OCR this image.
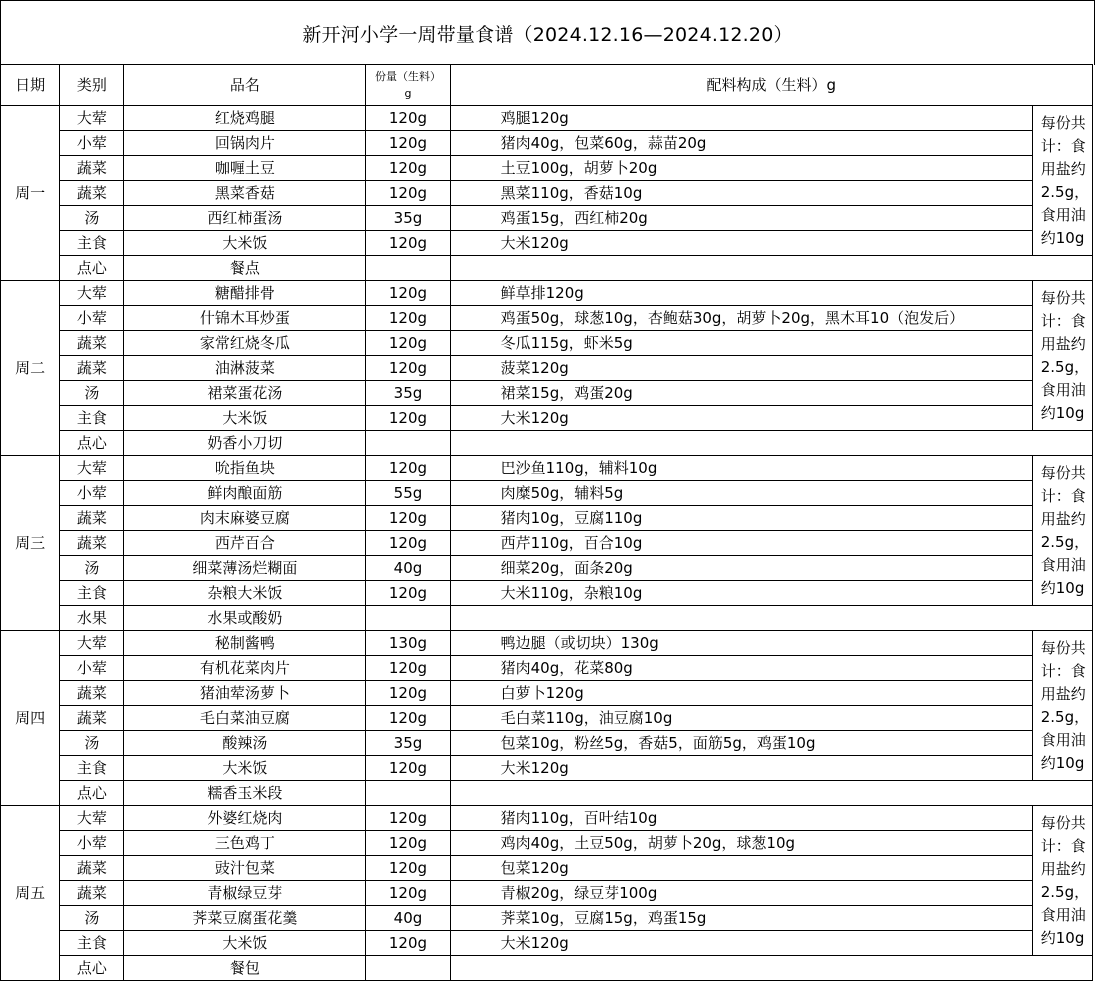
新开河小学一周带量食谱（2024.12.16—2024.12.20）
日期	类别	品名	份量（生料）g	配料构成（生料）g	
周一	大荤	红烧鸡腿	120g	鸡腿120g	每份共计：食用盐约2.5g，食用油约10g
	小荤	回锅肉片	120g	猪肉40g，包菜60g，蒜苗20g	
	蔬菜	咖喱土豆	120g	土豆100g，胡萝卜20g	
	蔬菜	黑菜香菇	120g	黑菜110g，香菇10g	
	汤	西红柿蛋汤	35g	鸡蛋15g，西红柿20g	
	主食	大米饭	120g	大米120g	
	点心	餐点			
周二	大荤	糖醋排骨	120g	鲜草排120g	每份共计：食用盐约2.5g，食用油约10g
	小荤	什锦木耳炒蛋	120g	鸡蛋50g，球葱10g，杏鲍菇30g，胡萝卜20g，黑木耳10（泡发后）	
	蔬菜	家常红烧冬瓜	120g	冬瓜115g，虾米5g	
	蔬菜	油淋菠菜	120g	菠菜120g	
	汤	裙菜蛋花汤	35g	裙菜15g，鸡蛋20g	
	主食	大米饭	120g	大米120g	
	点心	奶香小刀切			
周三	大荤	吮指鱼块	120g	巴沙鱼110g，辅料10g	每份共计：食用盐约2.5g，食用油约10g
	小荤	鲜肉酿面筋	55g	肉糜50g，辅料5g	
	蔬菜	肉末麻婆豆腐	120g	猪肉10g，豆腐110g	
	蔬菜	西芹百合	120g	西芹110g，百合10g	
	汤	细菜薄汤烂糊面	40g	细菜20g，面条20g	
	主食	杂粮大米饭	120g	大米110g，杂粮10g	
	水果	水果或酸奶			
周四	大荤	秘制酱鸭	130g	鸭边腿（或切块）130g	每份共计：食用盐约2.5g，食用油约10g
	小荤	有机花菜肉片	120g	猪肉40g，花菜80g	
	蔬菜	猪油荤汤萝卜	120g	白萝卜120g	
	蔬菜	毛白菜油豆腐	120g	毛白菜110g，油豆腐10g	
	汤	酸辣汤	35g	包菜10g，粉丝5g，香菇5，面筋5g，鸡蛋10g	
	主食	大米饭	120g	大米120g	
	点心	糯香玉米段			
周五	大荤	外婆红烧肉	120g	猪肉110g，百叶结10g	每份共计：食用盐约2.5g，食用油约10g
	小荤	三色鸡丁	120g	鸡肉40g，土豆50g，胡萝卜20g，球葱10g	
	蔬菜	豉汁包菜	120g	包菜120g	
	蔬菜	青椒绿豆芽	120g	青椒20g，绿豆芽100g	
	汤	荠菜豆腐蛋花羹	40g	荠菜10g，豆腐15g，鸡蛋15g	
	主食	大米饭	120g	大米120g	
	点心	餐包			
